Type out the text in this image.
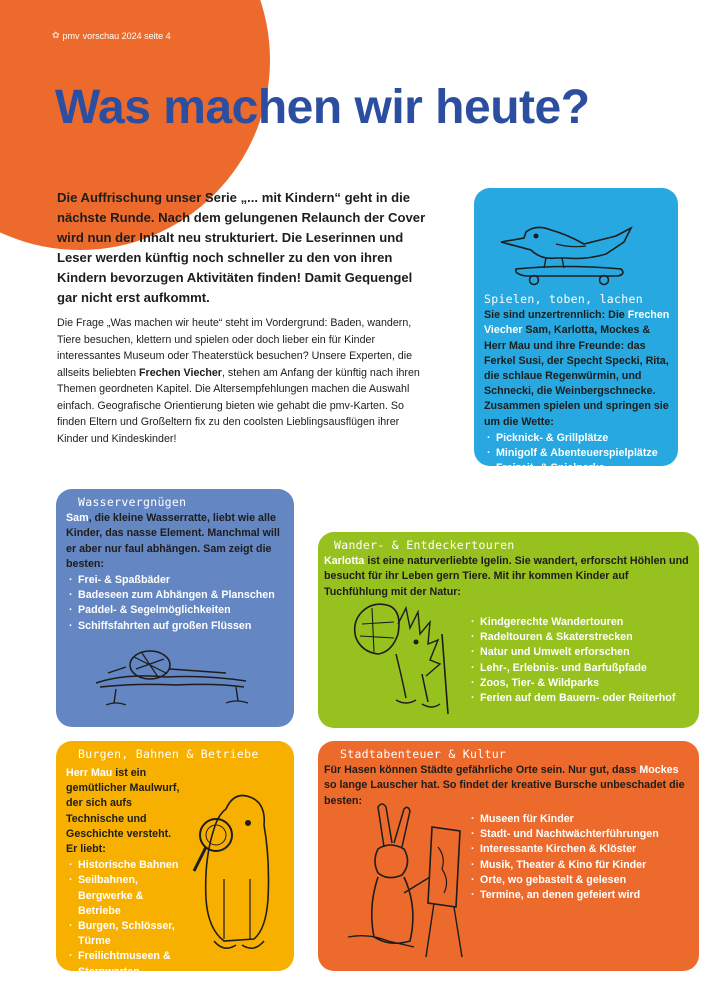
✿ pmv vorschau 2024 seite 4
Was machen wir heute?
Die Auffrischung unser Serie „... mit Kindern“ geht in die nächste Runde. Nach dem gelungenen Relaunch der Cover wird nun der Inhalt neu strukturiert. Die Leserinnen und Leser werden künftig noch schneller zu den von ihren Kindern bevorzugen Aktivitäten finden! Damit Gequengel gar nicht erst aufkommt.
Die Frage „Was machen wir heute“ steht im Vordergrund: Baden, wandern, Tiere besuchen, klettern und spielen oder doch lieber ein für Kinder interessantes Museum oder Theaterstück besuchen? Unsere Experten, die allseits beliebten Frechen Viecher, stehen am Anfang der künftig nach ihren Themen geordneten Kapitel. Die Altersempfehlungen machen die Auswahl einfach. Geografische Orientierung bieten wie gehabt die pmv-Karten. So finden Eltern und Großeltern fix zu den coolsten Lieblingsausflügen ihrer Kinder und Kindeskinder!
Spielen, toben, lachen

Sie sind unzertrennlich: Die Frechen Viecher Sam, Karlotta, Mockes & Herr Mau und ihre Freunde: das Ferkel Susi, der Specht Specki, Rita, die schlaue Regenwürmin, und Schnecki, die Weinbergschnecke. Zusammen spielen und springen sie um die Wette:

· Picknick- & Grillplätze
· Minigolf & Abenteuerspielplätze
· Freizeit- & Spielparks
· Erlebniswelten & Escaperooms
· Klettergärten & Hochseilparks
Wasservergnügen

Sam, die kleine Wasserratte, liebt wie alle Kinder, das nasse Element. Manchmal will er aber nur faul abhängen. Sam zeigt die besten:

· Frei- & Spaßbäder
· Badeseen zum Abhängen & Planschen
· Paddel- & Segelmöglichkeiten
· Schiffsfahrten auf großen Flüssen
Wander- & Entdeckertouren

Karlotta ist eine naturverliebte Igelin. Sie wandert, erforscht Höhlen und besucht für ihr Leben gern Tiere. Mit ihr kommen Kinder auf Tuchfühlung mit der Natur:

· Kindgerechte Wandertouren
· Radeltouren & Skaterstrecken
· Natur und Umwelt erforschen
· Lehr-, Erlebnis- und Barfußpfade
· Zoos, Tier- & Wildparks
· Ferien auf dem Bauern- oder Reiterhof
Burgen, Bahnen & Betriebe

Herr Mau ist ein gemütlicher Maulwurf, der sich aufs Technische und Geschichte versteht. Er liebt:

· Historische Bahnen
· Seilbahnen, Bergwerke & Betriebe
· Burgen, Schlösser, Türme
· Freilichtmuseen & Sternwarten
Stadtabenteuer & Kultur

Für Hasen können Städte gefährliche Orte sein. Nur gut, dass Mockes so lange Lauscher hat. So findet der kreative Bursche unbeschadet die besten:

· Museen für Kinder
· Stadt- und Nachtwächterführungen
· Interessante Kirchen & Klöster
· Musik, Theater & Kino für Kinder
· Orte, wo gebastelt & gelesen
· Termine, an denen gefeiert wird
